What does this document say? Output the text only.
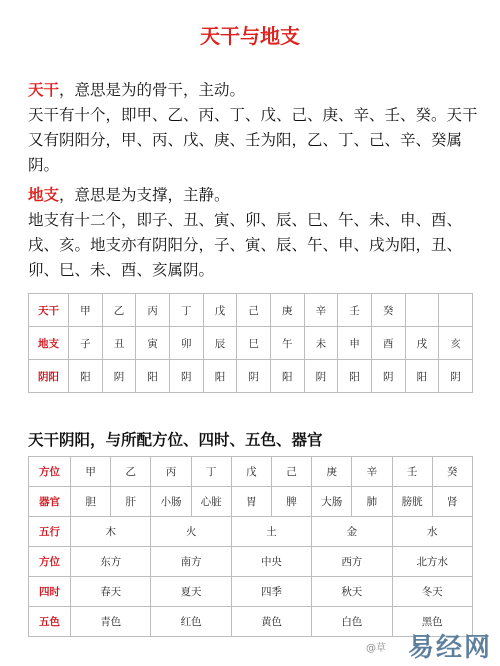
天干与地支
天干，意思是为的骨干，主动。
天干有十个，即甲、乙、丙、丁、戊、己、庚、辛、壬、癸。天干又有阴阳分，甲、丙、戊、庚、壬为阳，乙、丁、己、辛、癸属阴。
地支，意思是为支撑，主静。
地支有十二个，即子、丑、寅、卯、辰、巳、午、未、申、酉、戌、亥。地支亦有阴阳分，子、寅、辰、午、申、戌为阳，丑、卯、巳、未、酉、亥属阴。
天干	甲	乙	丙	丁	戊	己	庚	辛	壬	癸		
地支	子	丑	寅	卯	辰	巳	午	未	申	酉	戌	亥
阴阳	阳	阴	阳	阴	阳	阴	阳	阴	阳	阴	阳	阴
天干阴阳，与所配方位、四时、五色、器官
方位	甲	乙	丙	丁	戊	己	庚	辛	壬	癸
器官	胆	肝	小肠	心脏	胃	脾	大肠	肺	膀胱	肾
五行	木		火		土		金		水	
方位	东方		南方		中央		西方		北方水	
四时	春天		夏天		四季		秋天		冬天	
五色	青色		红色		黄色		白色		黑色	
@草 易经网
